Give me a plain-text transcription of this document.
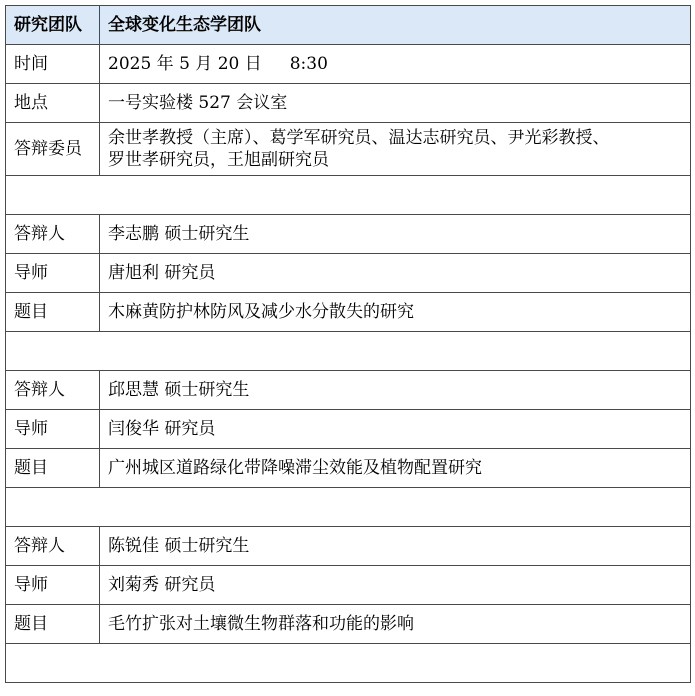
研究团队	全球变化生态学团队
时间	2025 年 5 月 20 日 8:30
地点	一号实验楼 527 会议室
答辩委员	余世孝教授（主席）、葛学军研究员、温达志研究员、尹光彩教授、
罗世孝研究员，王旭副研究员

答辩人	李志鹏 硕士研究生
导师	唐旭利 研究员
题目	木麻黄防护林防风及减少水分散失的研究

答辩人	邱思慧 硕士研究生
导师	闫俊华 研究员
题目	广州城区道路绿化带降噪滞尘效能及植物配置研究

答辩人	陈锐佳 硕士研究生
导师	刘菊秀 研究员
题目	毛竹扩张对土壤微生物群落和功能的影响
